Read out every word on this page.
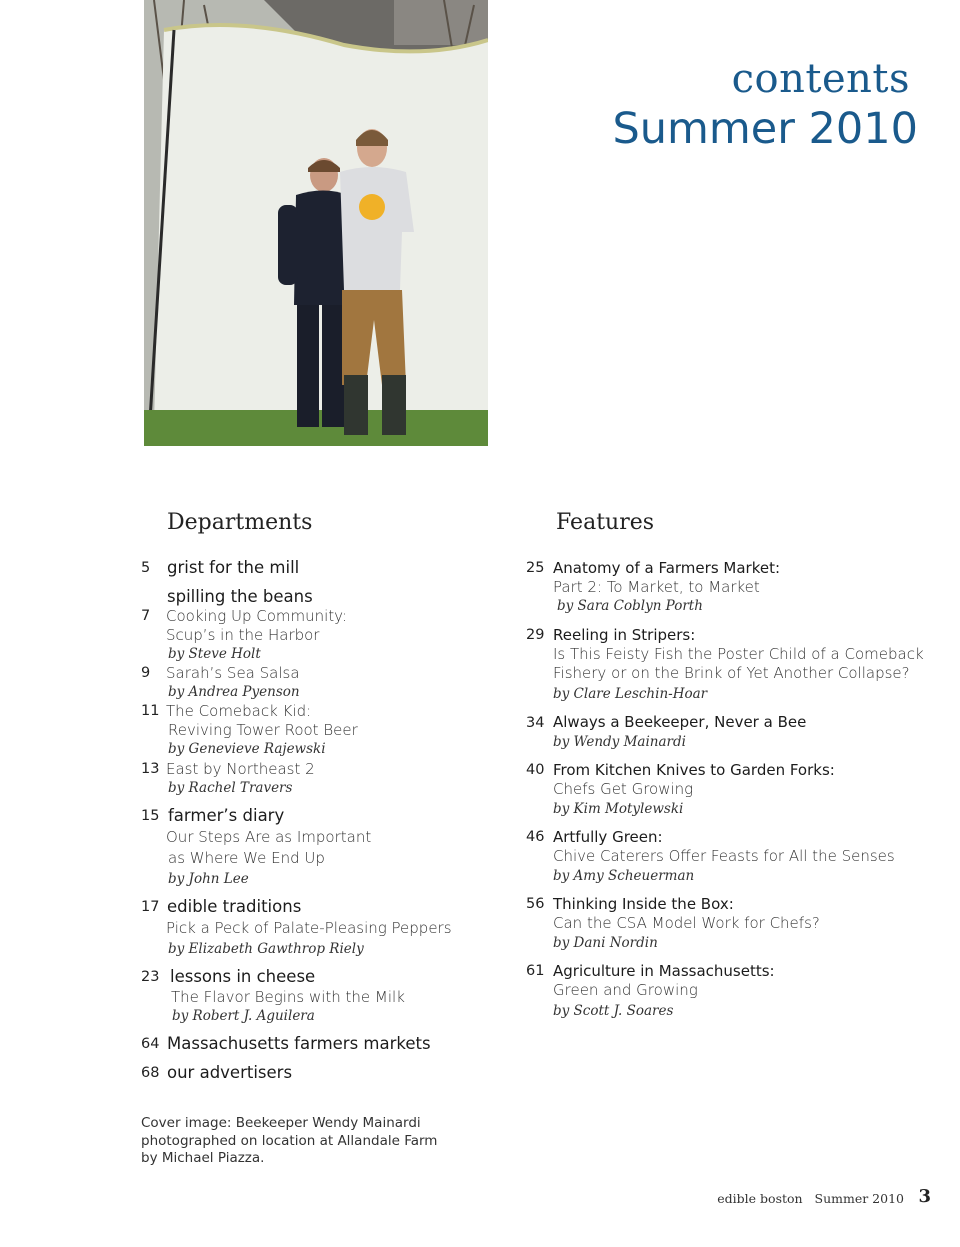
contents
Summer 2010
Departments
5 grist for the mill
spilling the beans
7 Cooking Up Community:
Scup’s in the Harbor
by Steve Holt
9 Sarah’s Sea Salsa
by Andrea Pyenson
11 The Comeback Kid:
Reviving Tower Root Beer
by Genevieve Rajewski
13 East by Northeast 2
by Rachel Travers
15 farmer’s diary
Our Steps Are as Important
as Where We End Up
by John Lee
17 edible traditions
Pick a Peck of Palate-Pleasing Peppers
by Elizabeth Gawthrop Riely
23 lessons in cheese
The Flavor Begins with the Milk
by Robert J. Aguilera
64 Massachusetts farmers markets
68 our advertisers
Features
25 Anatomy of a Farmers Market:
Part 2: To Market, to Market
by Sara Coblyn Porth
29 Reeling in Stripers:
Is This Feisty Fish the Poster Child of a Comeback
Fishery or on the Brink of Yet Another Collapse?
by Clare Leschin-Hoar
34 Always a Beekeeper, Never a Bee
by Wendy Mainardi
40 From Kitchen Knives to Garden Forks:
Chefs Get Growing
by Kim Motylewski
46 Artfully Green:
Chive Caterers Offer Feasts for All the Senses
by Amy Scheuerman
56 Thinking Inside the Box:
Can the CSA Model Work for Chefs?
by Dani Nordin
61 Agriculture in Massachusetts:
Green and Growing
by Scott J. Soares
Cover image: Beekeeper Wendy Mainardi
photographed on location at Allandale Farm
by Michael Piazza.
edible boston   Summer 2010 3
